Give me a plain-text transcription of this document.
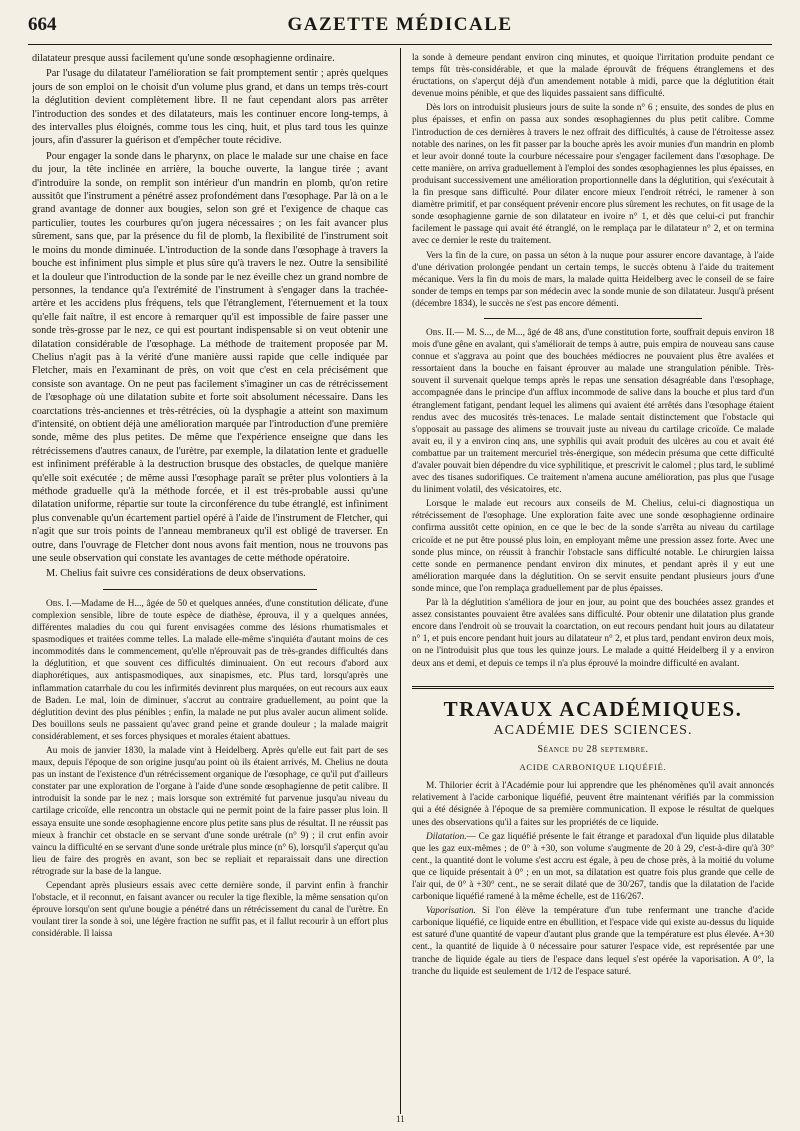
664	GAZETTE MÉDICALE

dilatateur presque aussi facilement qu'une sonde œsophagienne ordinaire.

Par l'usage du dilatateur l'amélioration se fait promptement sentir ; après quelques jours de son emploi on le choisit d'un volume plus grand, et dans un temps très-court la déglutition devient complètement libre. Il ne faut cependant alors pas arrêter l'introduction des sondes et des dilatateurs, mais les continuer encore long-temps, à des intervalles plus éloignés, comme tous les cinq, huit, et plus tard tous les quinze jours, afin d'assurer la guérison et d'empêcher toute récidive.

Pour engager la sonde dans le pharynx, on place le malade sur une chaise en face du jour, la tête inclinée en arrière, la bouche ouverte, la langue tirée ; avant d'introduire la sonde, on remplit son intérieur d'un mandrin en plomb, qu'on retire aussitôt que l'instrument a pénétré assez profondément dans l'œsophage. Par là on a le grand avantage de donner aux bougies, selon son gré et l'exigence de chaque cas particulier, toutes les courbures qu'on jugera nécessaires ; on les fait avancer plus sûrement, sans que, par la présence du fil de plomb, la flexibilité de l'instrument soit le moins du monde diminuée. L'introduction de la sonde dans l'œsophage à travers la bouche est infiniment plus simple et plus sûre qu'à travers le nez. Outre la sensibilité et la douleur que l'introduction de la sonde par le nez éveille chez un grand nombre de personnes, la tendance qu'a l'extrémité de l'instrument à s'engager dans la trachée-artère et les accidens plus fréquens, tels que l'étranglement, l'éternuement et la toux qu'elle fait naître, il est encore à remarquer qu'il est impossible de faire passer une sonde très-grosse par le nez, ce qui est pourtant indispensable si on veut obtenir une dilatation considérable de l'œsophage. La méthode de traitement proposée par M. Chelius n'agit pas à la vérité d'une manière aussi rapide que celle indiquée par Fletcher, mais en l'examinant de près, on voit que c'est en cela précisément que consiste son avantage. On ne peut pas facilement s'imaginer un cas de rétrécissement de l'œsophage où une dilatation subite et forte soit absolument nécessaire. Dans les coarctations très-anciennes et très-rétrécies, où la dysphagie a atteint son maximum d'intensité, on obtient déjà une amélioration marquée par l'introduction d'une première sonde, même des plus petites. De même que l'expérience enseigne que dans les rétrécissemens d'autres canaux, de l'urètre, par exemple, la dilatation lente et graduelle est infiniment préférable à la destruction brusque des obstacles, de quelque manière qu'elle soit exécutée ; de même aussi l'œsophage paraît se prêter plus volontiers à la méthode graduelle qu'à la méthode forcée, et il est très-probable aussi qu'une dilatation uniforme, répartie sur toute la circonférence du tube étranglé, est infiniment plus convenable qu'un écartement partiel opéré à l'aide de l'instrument de Fletcher, qui n'agit que sur trois points de l'anneau membraneux qu'il est obligé de traverser. En outre, dans l'ouvrage de Fletcher dont nous avons fait mention, nous ne trouvons pas une seule observation qui constate les avantages de cette méthode opératoire.

M. Chelius fait suivre ces considérations de deux observations.

Obs. I.—Madame de H..., âgée de 50 et quelques années, d'une constitution délicate, d'une complexion sensible, libre de toute espèce de diathèse, éprouva, il y a quelques années, différentes maladies du cou qui furent envisagées comme des lésions rhumatismales et spasmodiques et traitées comme telles. La malade elle-même s'inquiéta d'autant moins de ces incommodités dans le commencement, qu'elle n'éprouvait pas de très-grandes difficultés dans la déglutition, et que souvent ces difficultés diminuaient. On eut recours d'abord aux diaphorétiques, aux antispasmodiques, aux sinapismes, etc. Plus tard, lorsqu'après une inflammation catarrhale du cou les infirmités devinrent plus marquées, on eut recours aux eaux de Baden. Le mal, loin de diminuer, s'accrut au contraire graduellement, au point que la déglutition devint des plus pénibles ; enfin, la malade ne put plus avaler aucun aliment solide. Des bouillons seuls ne passaient qu'avec grand peine et grande douleur ; la malade maigrit considérablement, et ses forces physiques et morales étaient abattues.

Au mois de janvier 1830, la malade vint à Heidelberg. Après qu'elle eut fait part de ses maux, depuis l'époque de son origine jusqu'au point où ils étaient arrivés, M. Chelius ne douta pas un instant de l'existence d'un rétrécissement organique de l'œsophage, ce qu'il put d'ailleurs constater par une exploration de l'organe à l'aide d'une sonde œsophagienne de petit calibre. Il introduisit la sonde par le nez ; mais lorsque son extrémité fut parvenue jusqu'au niveau du cartilage cricoïde, elle rencontra un obstacle qui ne permit point de la faire passer plus loin. Il essaya ensuite une sonde œsophagienne encore plus petite sans plus de résultat. Il ne réussit pas mieux à franchir cet obstacle en se servant d'une sonde urétrale (n° 9) ; il crut enfin avoir vaincu la difficulté en se servant d'une sonde urétrale plus mince (n° 6), lorsqu'il s'aperçut qu'au lieu de faire des progrès en avant, son bec se repliait et reparaissait dans une direction rétrograde sur la base de la langue.

Cependant après plusieurs essais avec cette dernière sonde, il parvint enfin à franchir l'obstacle, et il reconnut, en faisant avancer ou reculer la tige flexible, la même sensation qu'on éprouve lorsqu'on sent qu'une bougie a pénétré dans un rétrécissement du canal de l'urètre. En voulant tirer la sonde à soi, une légère fraction ne suffit pas, et il fallut recourir à un effort plus considérable. Il laissa

la sonde à demeure pendant environ cinq minutes, et quoique l'irritation produite pendant ce temps fût très-considérable, et que la malade éprouvât de fréquens étranglemens et des éructations, on s'aperçut déjà d'un amendement notable à midi, parce que la déglutition était devenue moins pénible, et que des liquides passaient sans difficulté.

Dès lors on introduisit plusieurs jours de suite la sonde n° 6 ; ensuite, des sondes de plus en plus épaisses, et enfin on passa aux sondes œsophagiennes du plus petit calibre. Comme l'introduction de ces dernières à travers le nez offrait des difficultés, à cause de l'étroitesse assez notable des narines, on les fit passer par la bouche après les avoir munies d'un mandrin en plomb et leur avoir donné toute la courbure nécessaire pour s'engager facilement dans l'œsophage. De cette manière, on arriva graduellement à l'emploi des sondes œsophagiennes les plus épaisses, en produisant successivement une amélioration proportionnelle dans la déglutition, qui s'exécutait à la fin presque sans difficulté. Pour dilater encore mieux l'endroit rétréci, le ramener à son diamètre primitif, et par conséquent prévenir encore plus sûrement les rechutes, on fit usage de la sonde œsophagienne garnie de son dilatateur en ivoire n° 1, et dès que celui-ci put franchir facilement le passage qui avait été étranglé, on le remplaça par le dilatateur n° 2, et on termina avec ce dernier le reste du traitement.

Vers la fin de la cure, on passa un séton à la nuque pour assurer encore davantage, à l'aide d'une dérivation prolongée pendant un certain temps, le succès obtenu à l'aide du traitement mécanique. Vers la fin du mois de mars, la malade quitta Heidelberg avec le conseil de se faire sonder de temps en temps par son médecin avec la sonde munie de son dilatateur. Jusqu'à présent (décembre 1834), le succès ne s'est pas encore démenti.

Obs. II.— M. S..., de M..., âgé de 48 ans, d'une constitution forte, souffrait depuis environ 18 mois d'une gêne en avalant, qui s'améliorait de temps à autre, puis empira de nouveau sans cause connue et s'aggrava au point que des bouchées médiocres ne pouvaient plus être avalées et ressortaient dans la bouche en faisant éprouver au malade une strangulation pénible. Très-souvent il survenait quelque temps après le repas une sensation désagréable dans l'œsophage, accompagnée dans le principe d'un afflux incommode de salive dans la bouche et plus tard d'un étranglement fatigant, pendant lequel les alimens qui avaient été arrêtés dans l'œsophage étaient rendus avec des mucosités très-tenaces. Le malade sentait distinctement que l'obstacle qui s'opposait au passage des alimens se trouvait juste au niveau du cartilage cricoïde. Ce malade avait eu, il y a environ cinq ans, une syphilis qui avait produit des ulcères au cou et avait été combattue par un traitement mercuriel très-énergique, son médecin présuma que cette difficulté d'avaler pouvait bien dépendre du vice syphilitique, et prescrivit le calomel ; plus tard, le sublimé avec des tisanes sudorifiques. Ce traitement n'amena aucune amélioration, pas plus que l'usage du liniment volatil, des vésicatoires, etc.

Lorsque le malade eut recours aux conseils de M. Chelius, celui-ci diagnostiqua un rétrécissement de l'œsophage. Une exploration faite avec une sonde œsophagienne ordinaire confirma aussitôt cette opinion, en ce que le bec de la sonde s'arrêta au niveau du cartilage cricoïde et ne put être poussé plus loin, en employant même une pression assez forte. Avec une sonde plus mince, on réussit à franchir l'obstacle sans difficulté notable. Le chirurgien laissa cette sonde en permanence pendant environ dix minutes, et pendant après il y eut une amélioration marquée dans la déglutition. On se servit ensuite pendant plusieurs jours d'une sonde mince, que l'on remplaça graduellement par de plus épaisses.

Par là la déglutition s'améliora de jour en jour, au point que des bouchées assez grandes et assez consistantes pouvaient être avalées sans difficulté. Pour obtenir une dilatation plus grande encore dans l'endroit où se trouvait la coarctation, on eut recours pendant huit jours au dilatateur n° 1, et puis encore pendant huit jours au dilatateur n° 2, et plus tard, pendant environ deux mois, on ne l'introduisit plus que tous les quinze jours. Le malade a quitté Heidelberg il y a environ deux ans et demi, et depuis ce temps il n'a plus éprouvé la moindre difficulté en avalant.

TRAVAUX ACADÉMIQUES.
ACADÉMIE DES SCIENCES.
Séance du 28 septembre.
ACIDE CARBONIQUE LIQUÉFIÉ.

M. Thilorier écrit à l'Académie pour lui apprendre que les phénomènes qu'il avait annoncés relativement à l'acide carbonique liquéfié, peuvent être maintenant vérifiés par la commission qui a été désignée à l'époque de sa première communication. Il expose le résultat de quelques unes des observations qu'il a faites sur les propriétés de ce liquide.

Dilatation.— Ce gaz liquéfié présente le fait étrange et paradoxal d'un liquide plus dilatable que les gaz eux-mêmes ; de 0° à +30, son volume s'augmente de 20 à 29, c'est-à-dire qu'à 30° cent., la quantité dont le volume s'est accru est égale, à peu de chose près, à la moitié du volume que ce liquide présentait à 0° ; en un mot, sa dilatation est quatre fois plus grande que celle de l'air qui, de 0° à +30° cent., ne se serait dilaté que de 30/267, tandis que la dilatation de l'acide carbonique liquéfié ramené à la même échelle, est de 116/267.

Vaporisation. Si l'on élève la température d'un tube renfermant une tranche d'acide carbonique liquéfié, ce liquide entre en ébullition, et l'espace vide qui existe au-dessus du liquide est saturé d'une quantité de vapeur d'autant plus grande que la température est plus élevée. A+30 cent., la quantité de liquide à 0 nécessaire pour saturer l'espace vide, est représentée par une tranche de liquide égale au tiers de l'espace dans lequel s'est opérée la vaporisation. A 0°, la tranche du liquide est seulement de 1/12 de l'espace saturé.

11
